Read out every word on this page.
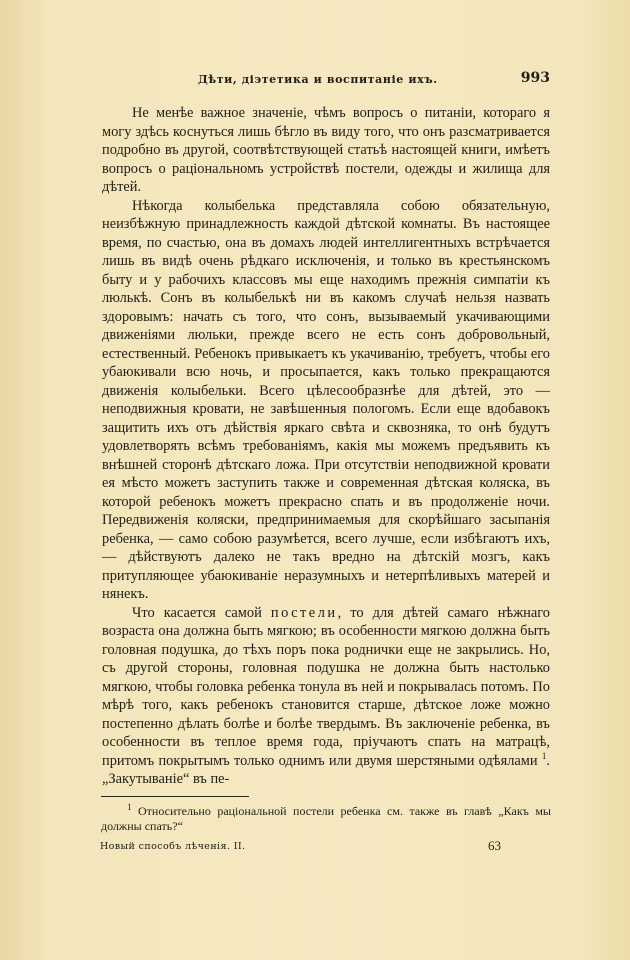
Дѣти, діэтетика и воспитаніе ихъ.	993

Не менѣе важное значеніе, чѣмъ вопросъ о питаніи, котораго я могу здѣсь коснуться лишь бѣгло въ виду того, что онъ разсматривается подробно въ другой, соотвѣтствующей статьѣ настоящей книги, имѣетъ вопросъ о раціональномъ устройствѣ постели, одежды и жилища для дѣтей.

Нѣкогда колыбелька представляла собою обязательную, неизбѣжную принадлежность каждой дѣтской комнаты. Въ настоящее время, по счастью, она въ домахъ людей интеллигентныхъ встрѣчается лишь въ видѣ очень рѣдкаго исключенія, и только въ крестьянскомъ быту и у рабочихъ классовъ мы еще находимъ прежнія симпатіи къ люлькѣ. Сонъ въ колыбелькѣ ни въ какомъ случаѣ нельзя назвать здоровымъ: начать съ того, что сонъ, вызываемый укачивающими движеніями люльки, прежде всего не есть сонъ добровольный, естественный. Ребенокъ привыкаетъ къ укачиванію, требуетъ, чтобы его убаюкивали всю ночь, и просыпается, какъ только прекращаются движенія колыбельки. Всего цѣлесообразнѣе для дѣтей, это — неподвижныя кровати, не завѣшенныя пологомъ. Если еще вдобавокъ защитить ихъ отъ дѣйствія яркаго свѣта и сквозняка, то онѣ будутъ удовлетворять всѣмъ требованіямъ, какія мы можемъ предъявить къ внѣшней сторонѣ дѣтскаго ложа. При отсутствіи неподвижной кровати ея мѣсто можетъ заступить также и современная дѣтская коляска, въ которой ребенокъ можетъ прекрасно спать и въ продолженіе ночи. Передвиженія коляски, предпринимаемыя для скорѣйшаго засыпанія ребенка, — само собою разумѣется, всего лучше, если избѣгаютъ ихъ, — дѣйствуютъ далеко не такъ вредно на дѣтскій мозгъ, какъ притупляющее убаюкиваніе неразумныхъ и нетерпѣливыхъ матерей и нянекъ.

Что касается самой постели, то для дѣтей самаго нѣжнаго возраста она должна быть мягкою; въ особенности мягкою должна быть головная подушка, до тѣхъ поръ пока роднички еще не закрылись. Но, съ другой стороны, головная подушка не должна быть настолько мягкою, чтобы головка ребенка тонула въ ней и покрывалась потомъ. По мѣрѣ того, какъ ребенокъ становится старше, дѣтское ложе можно постепенно дѣлать болѣе и болѣе твердымъ. Въ заключеніе ребенка, въ особенности въ теплое время года, пріучаютъ спать на матрацѣ, притомъ покрытымъ только однимъ или двумя шерстяными одѣялами $^1$. „Закутываніе“ въ пе-

$^1$ Относительно раціональной постели ребенка см. также въ главѣ „Какъ мы должны спать?“
Новый способъ лѣченія. II.	63
